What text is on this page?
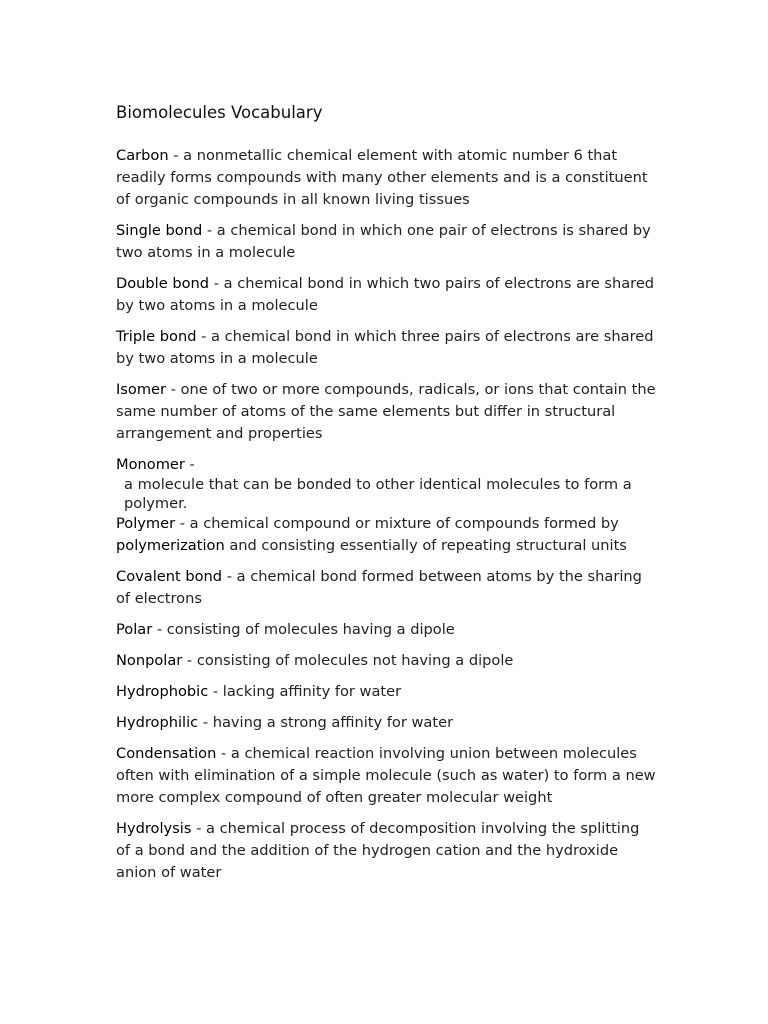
Biomolecules Vocabulary

Carbon - a nonmetallic chemical element with atomic number 6 that readily forms compounds with many other elements and is a constituent of organic compounds in all known living tissues

Single bond - a chemical bond in which one pair of electrons is shared by two atoms in a molecule

Double bond - a chemical bond in which two pairs of electrons are shared by two atoms in a molecule

Triple bond - a chemical bond in which three pairs of electrons are shared by two atoms in a molecule

Isomer - one of two or more compounds, radicals, or ions that contain the same number of atoms of the same elements but differ in structural arrangement and properties

Monomer -

a molecule that can be bonded to other identical molecules to form a polymer.

Polymer - a chemical compound or mixture of compounds formed by polymerization and consisting essentially of repeating structural units

Covalent bond - a chemical bond formed between atoms by the sharing of electrons

Polar - consisting of molecules having a dipole

Nonpolar - consisting of molecules not having a dipole

Hydrophobic - lacking affinity for water

Hydrophilic - having a strong affinity for water

Condensation - a chemical reaction involving union between molecules often with elimination of a simple molecule (such as water) to form a new more complex compound of often greater molecular weight

Hydrolysis - a chemical process of decomposition involving the splitting of a bond and the addition of the hydrogen cation and the hydroxide anion of water
